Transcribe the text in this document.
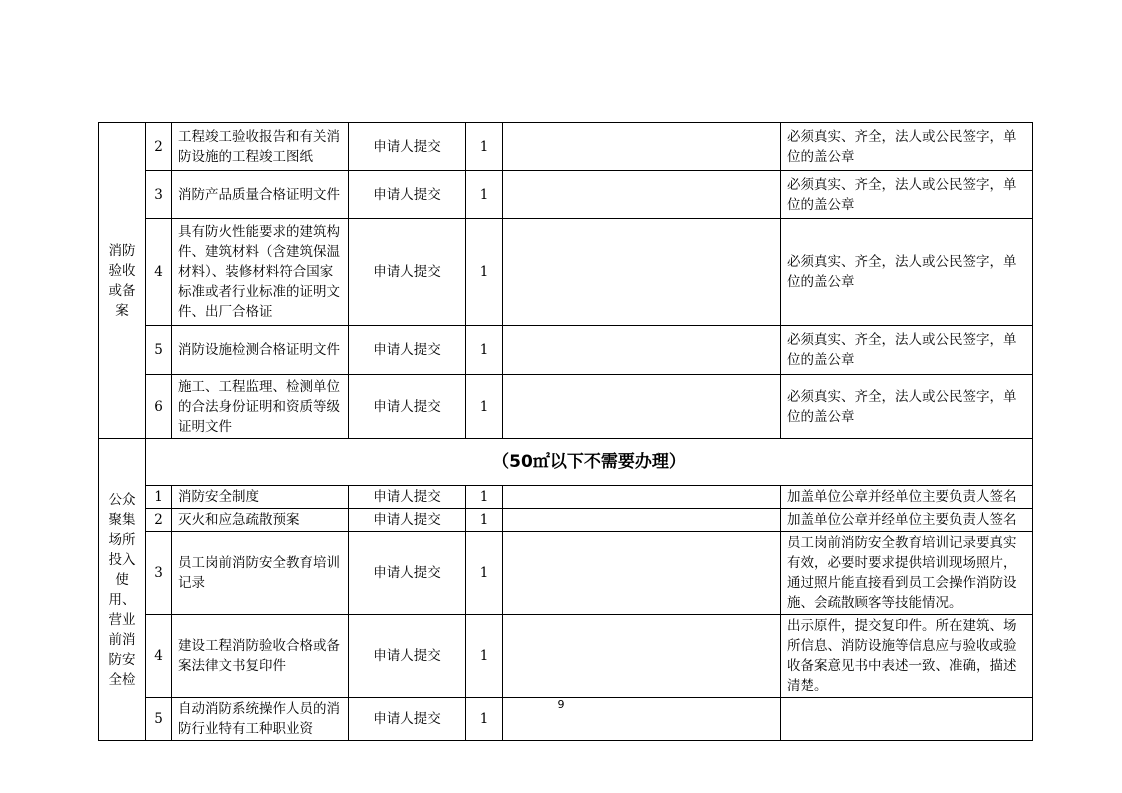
消防验收或备案	2	工程竣工验收报告和有关消防设施的工程竣工图纸	申请人提交	1		必须真实、齐全，法人或公民签字，单位的盖公章
	3	消防产品质量合格证明文件	申请人提交	1		必须真实、齐全，法人或公民签字，单位的盖公章
	4	具有防火性能要求的建筑构件、建筑材料（含建筑保温材料）、装修材料符合国家标准或者行业标准的证明文件、出厂合格证	申请人提交	1		必须真实、齐全，法人或公民签字，单位的盖公章
	5	消防设施检测合格证明文件	申请人提交	1		必须真实、齐全，法人或公民签字，单位的盖公章
	6	施工、工程监理、检测单位的合法身份证明和资质等级证明文件	申请人提交	1		必须真实、齐全，法人或公民签字，单位的盖公章
公众聚集场所投入使用、营业前消防安全检	（50㎡以下不需要办理）					
	1	消防安全制度	申请人提交	1		加盖单位公章并经单位主要负责人签名
	2	灭火和应急疏散预案	申请人提交	1		加盖单位公章并经单位主要负责人签名
	3	员工岗前消防安全教育培训记录	申请人提交	1		员工岗前消防安全教育培训记录要真实有效，必要时要求提供培训现场照片，通过照片能直接看到员工会操作消防设施、会疏散顾客等技能情况。
	4	建设工程消防验收合格或备案法律文书复印件	申请人提交	1		出示原件，提交复印件。所在建筑、场所信息、消防设施等信息应与验收或验收备案意见书中表述一致、准确，描述清楚。
	5	自动消防系统操作人员的消防行业特有工种职业资	申请人提交	1		
9
